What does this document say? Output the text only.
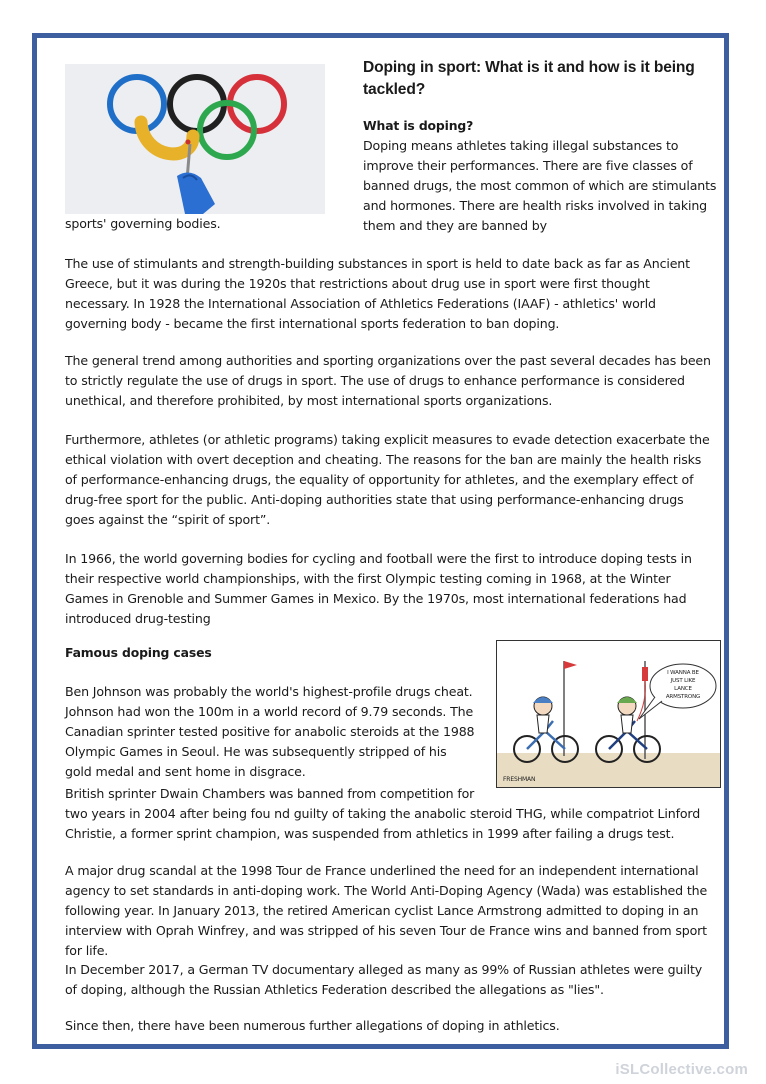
Doping in sport: What is it and how is it being tackled?
What is doping?

Doping means athletes taking illegal substances to improve their performances. There are five classes of banned drugs, the most common of which are stimulants and hormones. There are health risks involved in taking them and they are banned by

sports' governing bodies.

The use of stimulants and strength-building substances in sport is held to date back as far as Ancient Greece, but it was during the 1920s that restrictions about drug use in sport were first thought necessary. In 1928 the International Association of Athletics Federations (IAAF) - athletics' world governing body - became the first international sports federation to ban doping.

The general trend among authorities and sporting organizations over the past several decades has been to strictly regulate the use of drugs in sport. The use of drugs to enhance performance is considered unethical, and therefore prohibited, by most international sports organizations.

Furthermore, athletes (or athletic programs) taking explicit measures to evade detection exacerbate the ethical violation with overt deception and cheating. The reasons for the ban are mainly the health risks of performance-enhancing drugs, the equality of opportunity for athletes, and the exemplary effect of drug-free sport for the public. Anti-doping authorities state that using performance-enhancing drugs goes against the “spirit of sport”.

In 1966, the world governing bodies for cycling and football were the first to introduce doping tests in their respective world championships, with the first Olympic testing coming in 1968, at the Winter Games in Grenoble and Summer Games in Mexico. By the 1970s, most international federations had introduced drug-testing

Famous doping cases

Ben Johnson was probably the world's highest-profile drugs cheat. Johnson had won the 100m in a world record of 9.79 seconds. The Canadian sprinter tested positive for anabolic steroids at the 1988 Olympic Games in Seoul. He was subsequently stripped of his gold medal and sent home in disgrace.

I WANNA BE
JUST LIKE
LANCE
ARMSTRONG
FRESHMAN

British sprinter Dwain Chambers was banned from competition for

two years in 2004 after being fou nd guilty of taking the anabolic steroid THG, while compatriot Linford Christie, a former sprint champion, was suspended from athletics in 1999 after failing a drugs test.

A major drug scandal at the 1998 Tour de France underlined the need for an independent international agency to set standards in anti-doping work. The World Anti-Doping Agency (Wada) was established the following year. In January 2013, the retired American cyclist Lance Armstrong admitted to doping in an interview with Oprah Winfrey, and was stripped of his seven Tour de France wins and banned from sport for life.

In December 2017, a German TV documentary alleged as many as 99% of Russian athletes were guilty of doping, although the Russian Athletics Federation described the allegations as "lies".

Since then, there have been numerous further allegations of doping in athletics.

iSLCollective.com
